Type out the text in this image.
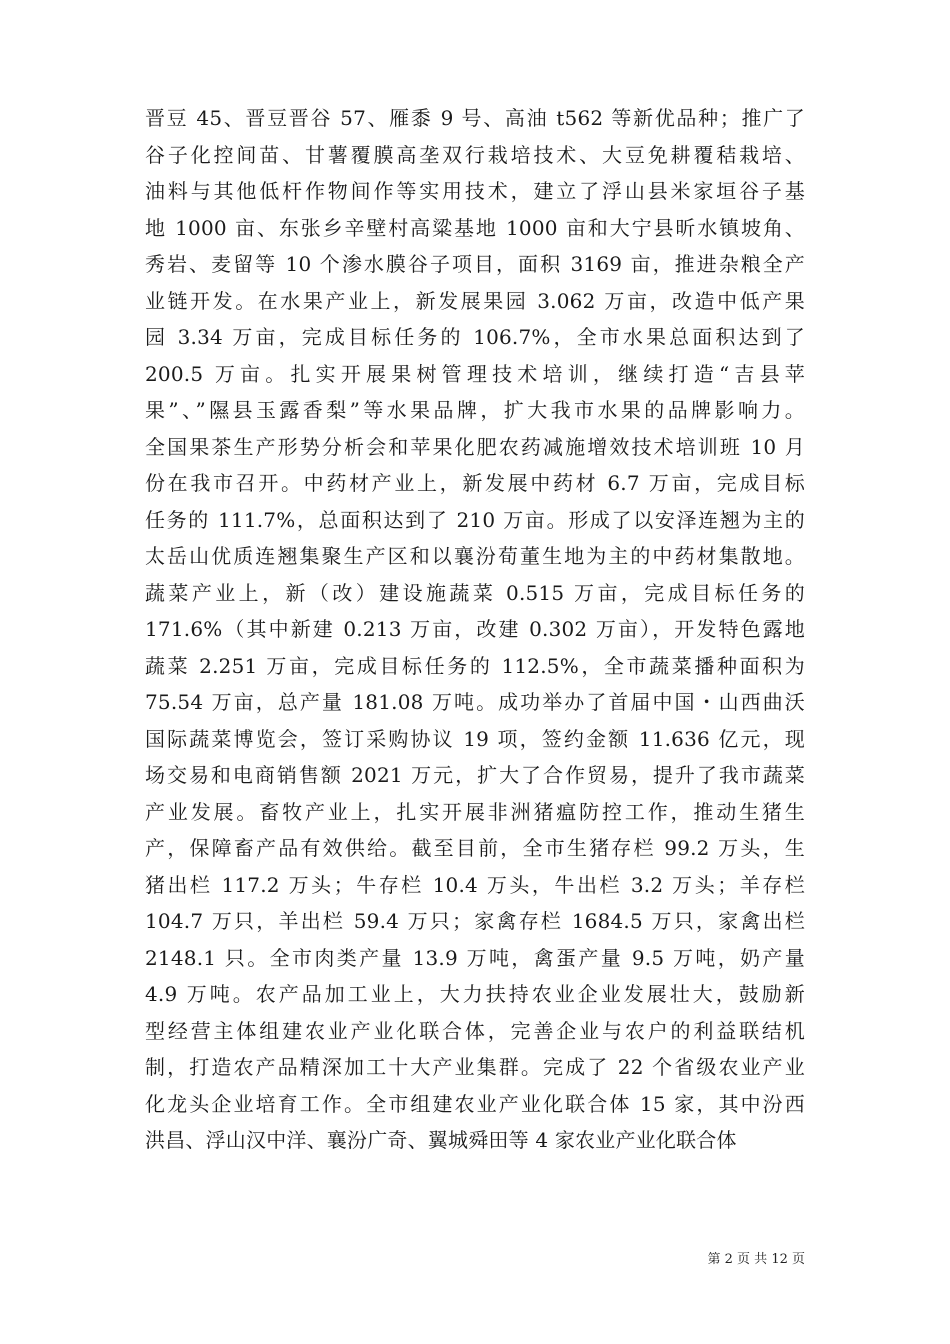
晋豆 45、晋豆晋谷 57、雁黍 9 号、高油 t562 等新优品种；推广了
谷子化控间苗、甘薯覆膜高垄双行栽培技术、大豆免耕覆秸栽培、
油料与其他低杆作物间作等实用技术，建立了浮山县米家垣谷子基
地 1000 亩、东张乡辛壁村高粱基地 1000 亩和大宁县昕水镇坡角、
秀岩、麦留等 10 个渗水膜谷子项目，面积 3169 亩，推进杂粮全产
业链开发。在水果产业上，新发展果园 3.062 万亩，改造中低产果
园 3.34 万亩，完成目标任务的 106.7%，全市水果总面积达到了
200.5 万亩。扎实开展果树管理技术培训，继续打造“吉县苹
果”、”隰县玉露香梨”等水果品牌，扩大我市水果的品牌影响力。
全国果茶生产形势分析会和苹果化肥农药减施增效技术培训班 10 月
份在我市召开。中药材产业上，新发展中药材 6.7 万亩，完成目标
任务的 111.7%，总面积达到了 210 万亩。形成了以安泽连翘为主的
太岳山优质连翘集聚生产区和以襄汾荀董生地为主的中药材集散地。
蔬菜产业上，新（改）建设施蔬菜 0.515 万亩，完成目标任务的
171.6%（其中新建 0.213 万亩，改建 0.302 万亩），开发特色露地
蔬菜 2.251 万亩，完成目标任务的 112.5%，全市蔬菜播种面积为
75.54 万亩，总产量 181.08 万吨。成功举办了首届中国・山西曲沃
国际蔬菜博览会，签订采购协议 19 项，签约金额 11.636 亿元，现
场交易和电商销售额 2021 万元，扩大了合作贸易，提升了我市蔬菜
产业发展。畜牧产业上，扎实开展非洲猪瘟防控工作，推动生猪生
产，保障畜产品有效供给。截至目前，全市生猪存栏 99.2 万头，生
猪出栏 117.2 万头；牛存栏 10.4 万头，牛出栏 3.2 万头；羊存栏
104.7 万只，羊出栏 59.4 万只；家禽存栏 1684.5 万只，家禽出栏
2148.1 只。全市肉类产量 13.9 万吨，禽蛋产量 9.5 万吨，奶产量
4.9 万吨。农产品加工业上，大力扶持农业企业发展壮大，鼓励新
型经营主体组建农业产业化联合体，完善企业与农户的利益联结机
制，打造农产品精深加工十大产业集群。完成了 22 个省级农业产业
化龙头企业培育工作。全市组建农业产业化联合体 15 家，其中汾西
洪昌、浮山汉中洋、襄汾广奇、翼城舜田等 4 家农业产业化联合体
第 2 页 共 12 页
